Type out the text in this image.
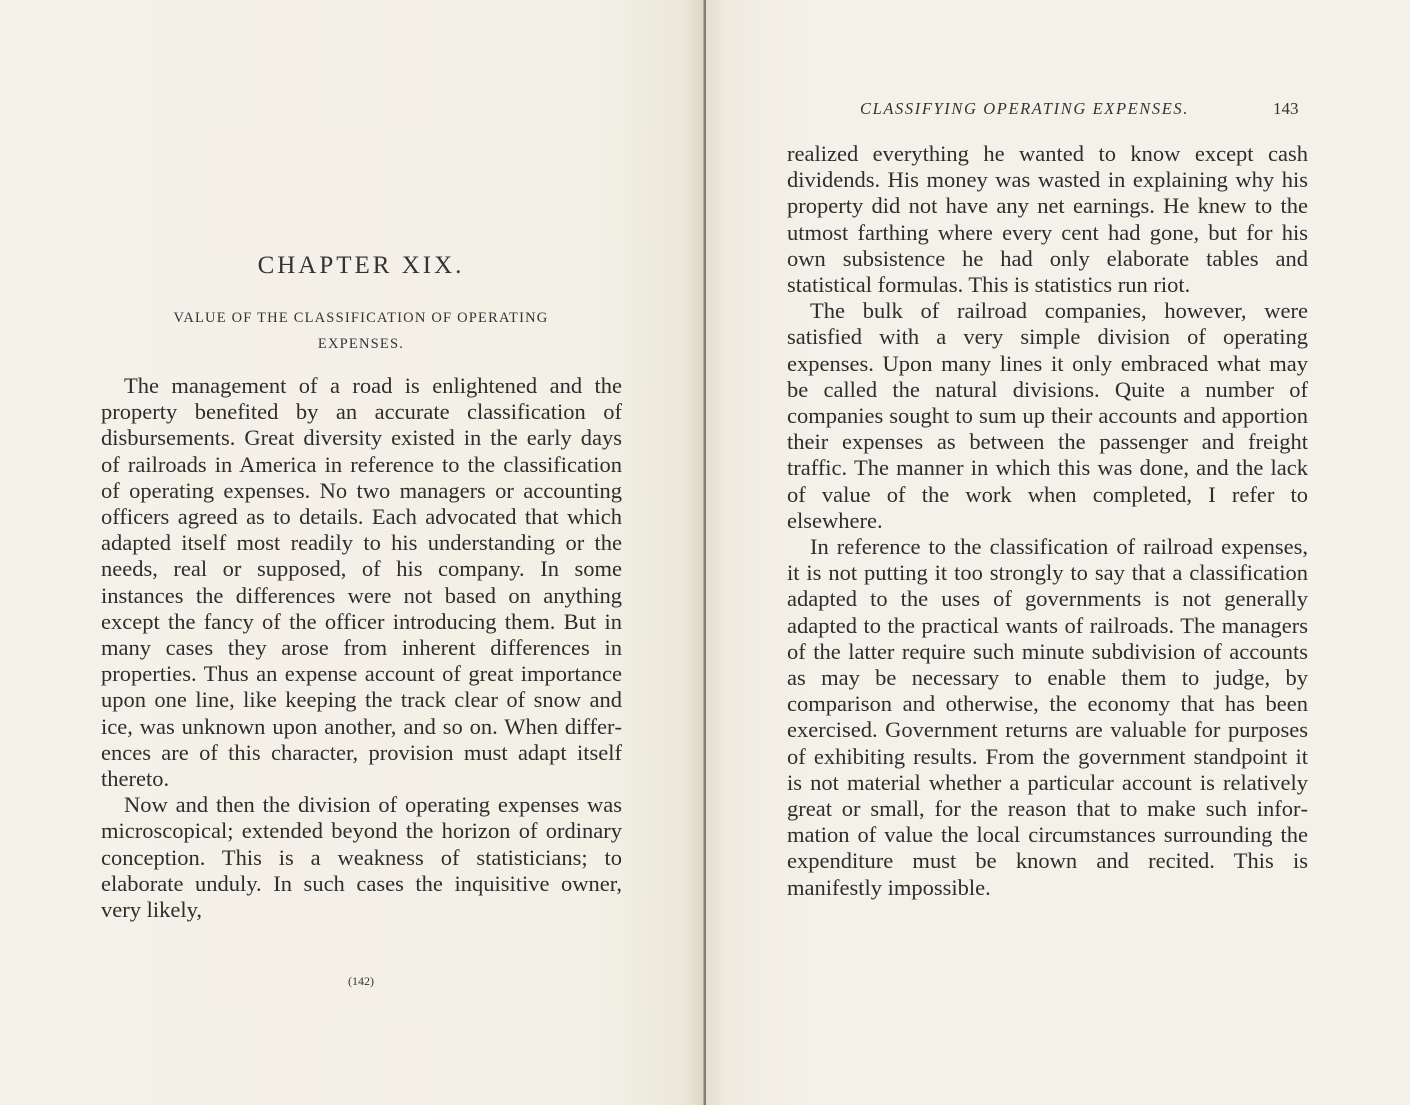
CHAPTER XIX.
VALUE OF THE CLASSIFICATION OF OPERATING
EXPENSES.

The management of a road is enlightened and the property benefited by an accurate classification of disbursements. Great diversity existed in the early days of railroads in America in reference to the classification of operating expenses. No two managers or accounting officers agreed as to details. Each advocated that which adapted itself most readily to his understanding or the needs, real or supposed, of his company. In some instances the differences were not based on anything except the fancy of the officer introducing them. But in many cases they arose from inherent differences in properties. Thus an expense account of great importance upon one line, like keeping the track clear of snow and ice, was unknown upon another, and so on. When differences are of this character, provision must adapt itself thereto.

Now and then the division of operating expenses was microscopical; extended beyond the horizon of ordinary conception. This is a weakness of statisticians; to elaborate unduly. In such cases the inquisitive owner, very likely,

(142)
CLASSIFYING OPERATING EXPENSES.	143

realized everything he wanted to know except cash dividends. His money was wasted in explaining why his property did not have any net earnings. He knew to the utmost farthing where every cent had gone, but for his own subsistence he had only elaborate tables and statistical formulas. This is statistics run riot.

The bulk of railroad companies, however, were satisfied with a very simple division of operating expenses. Upon many lines it only embraced what may be called the natural divisions. Quite a number of companies sought to sum up their accounts and apportion their expenses as between the passenger and freight traffic. The manner in which this was done, and the lack of value of the work when completed, I refer to elsewhere.

In reference to the classification of railroad expenses, it is not putting it too strongly to say that a classification adapted to the uses of governments is not generally adapted to the practical wants of railroads. The managers of the latter require such minute subdivision of accounts as may be necessary to enable them to judge, by comparison and otherwise, the economy that has been exercised. Government returns are valuable for purposes of exhibiting results. From the government standpoint it is not material whether a particular account is relatively great or small, for the reason that to make such information of value the local circumstances surrounding the expenditure must be known and recited. This is manifestly impossible.
